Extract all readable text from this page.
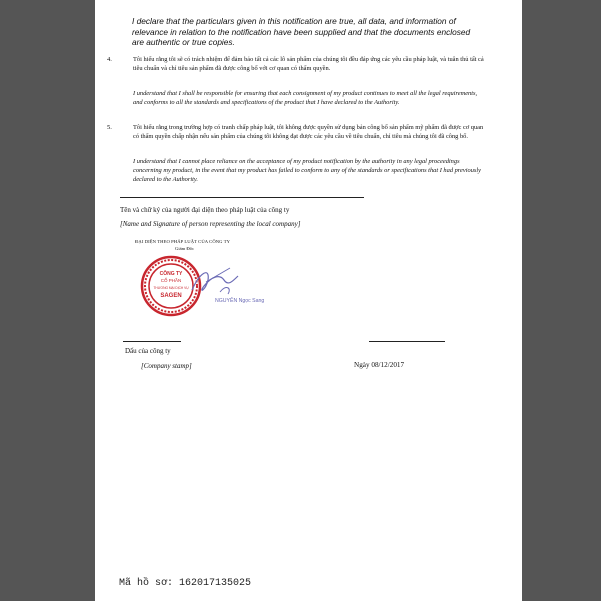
I declare that the particulars given in this notification are true, all data, and information of relevance in relation to the notification have been supplied and that the documents enclosed are authentic or true copies.
4.	Tôi hiểu rằng tôi sẽ có trách nhiệm để đảm bảo tất cả các lô sản phẩm của chúng tôi đều đáp ứng các yêu cầu pháp luật, và tuân thủ tất cả tiêu chuẩn và chỉ tiêu sản phẩm đã được công bố với cơ quan có thẩm quyền.
I understand that I shall be responsible for ensuring that each consignment of my product continues to meet all the legal requirements, and conforms to all the standards and specifications of the product that I have declared to the Authority.
5.	Tôi hiểu rằng trong trường hợp có tranh chấp pháp luật, tôi không được quyền sử dụng bản công bố sản phẩm mỹ phẩm đã được cơ quan có thẩm quyền chấp nhận nếu sản phẩm của chúng tôi không đạt được các yêu cầu về tiêu chuẩn, chỉ tiêu mà chúng tôi đã công bố.
I understand that I cannot place reliance on the acceptance of my product notification by the authority in any legal proceedings concerning my product, in the event that my product has failed to conform to any of the standards or specifications that I had previously declared to the Authority.
Tên và chữ ký của người đại diện theo pháp luật của công ty
[Name and Signature of person representing the local company]
ĐẠI DIỆN THEO PHÁP LUẬT CỦA CÔNG TY
Giám Đốc
CÔNG TY
CỔ PHẦN
THƯƠNG MẠI DỊCH VỤ
SAGEN
NGUYỄN Ngọc Sang
Dấu của công ty
[Company stamp]	Ngày 08/12/2017
Mã hồ sơ: 162017135025
